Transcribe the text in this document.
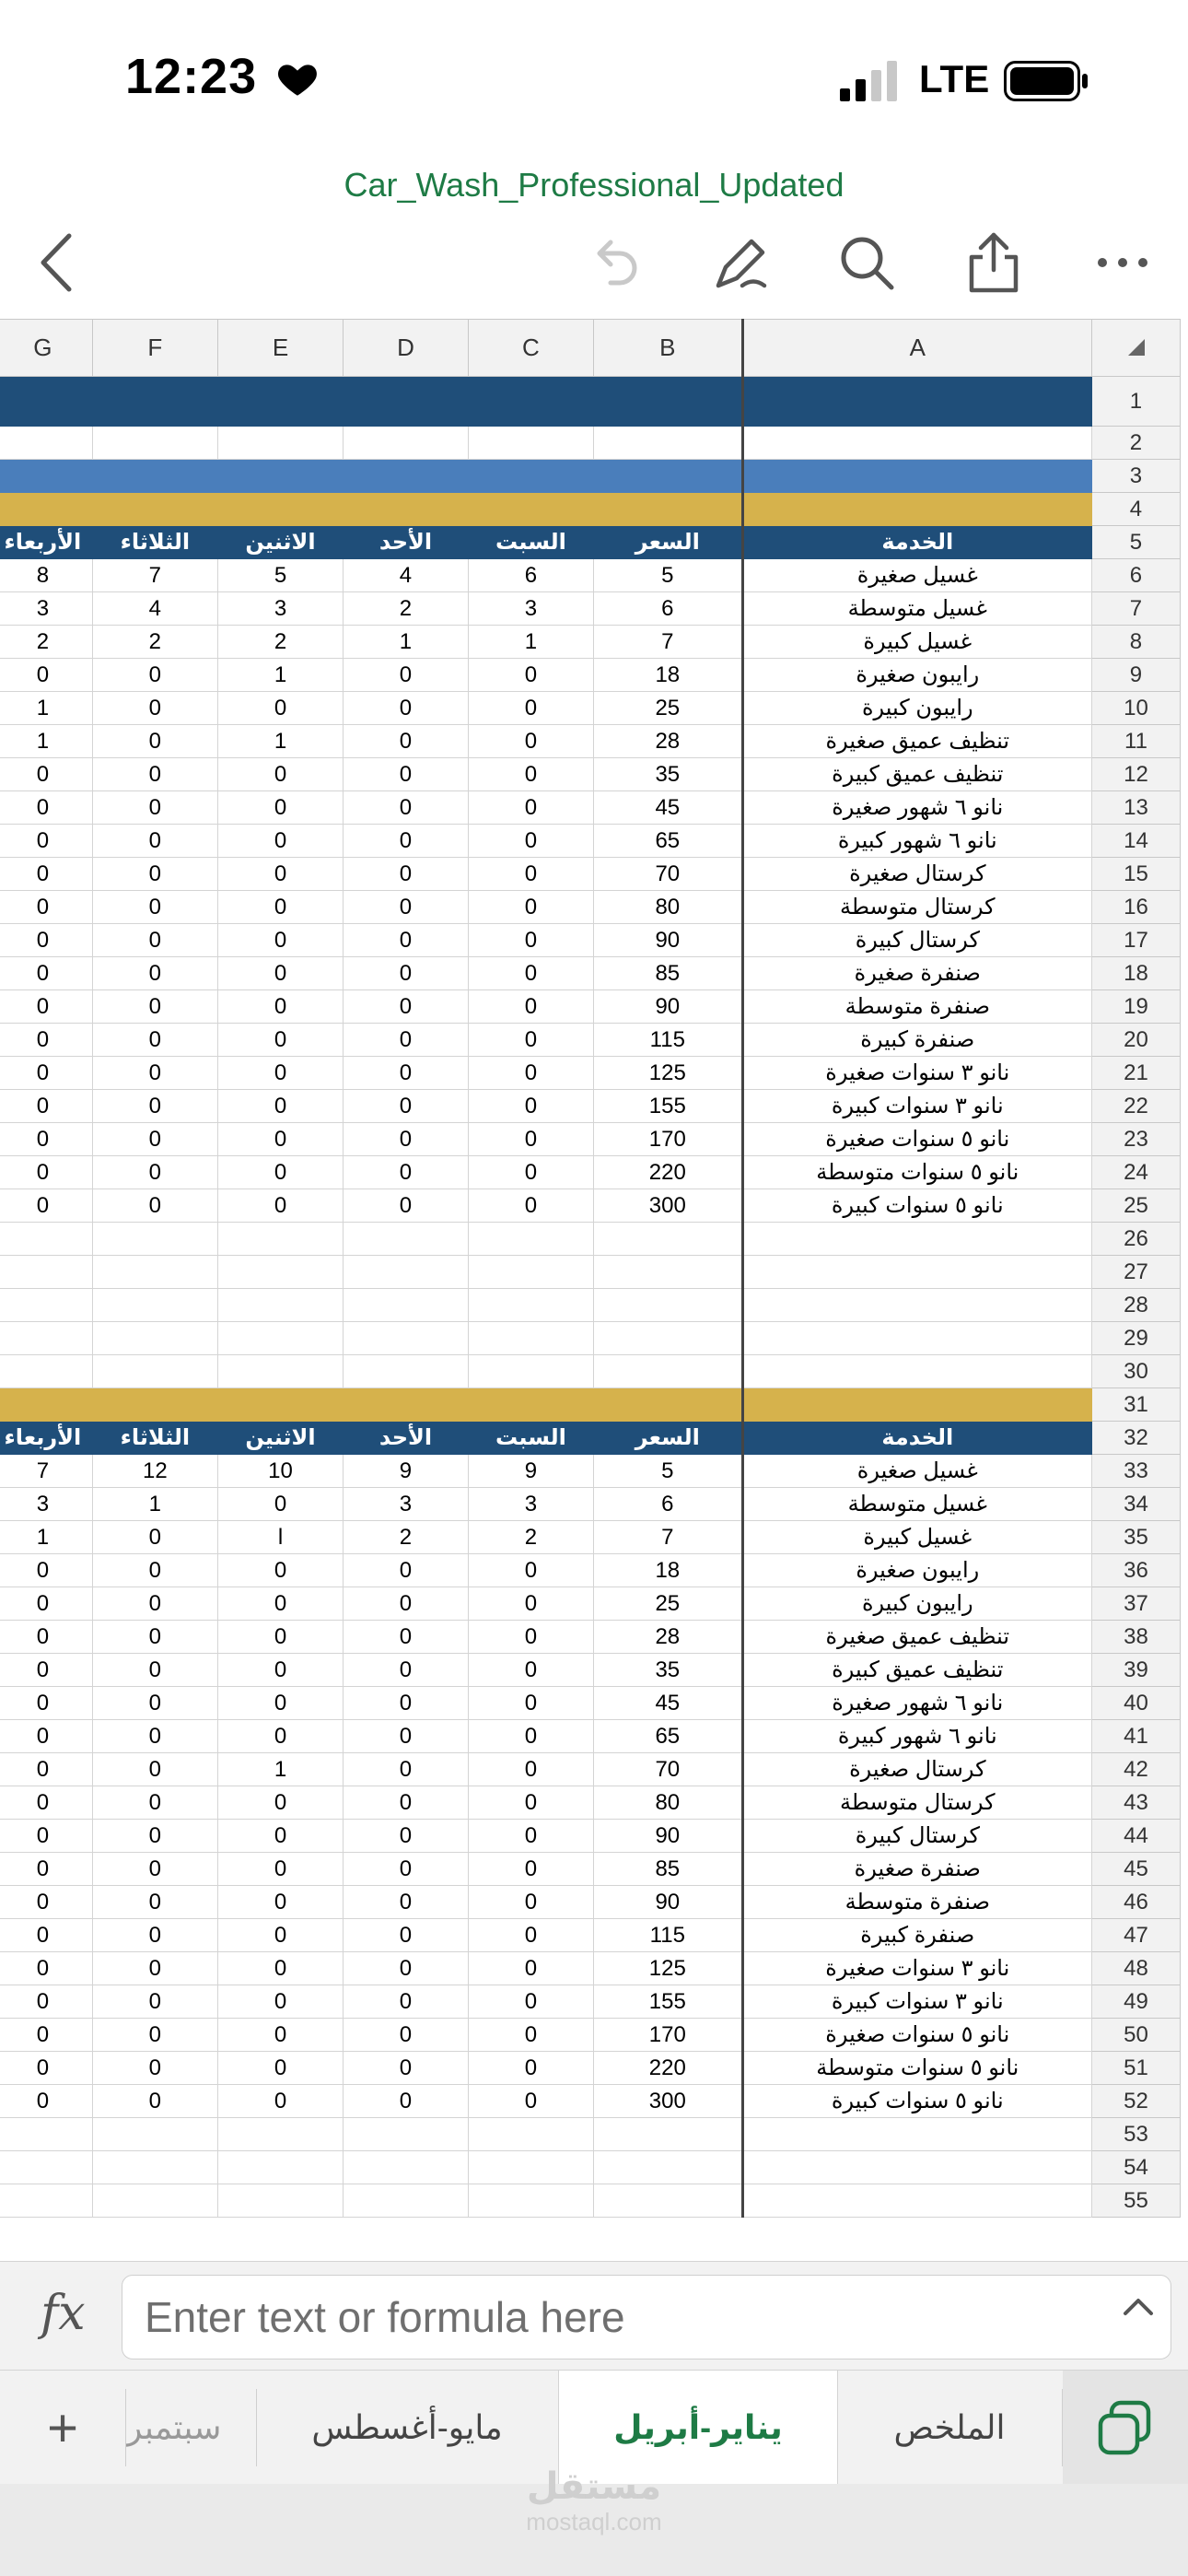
12:23	LTE
Car_Wash_Professional_Updated
G	F	E	D	C	B	A	
							1
							2
							3
							4
الأربعاء	الثلاثاء	الاثنين	الأحد	السبت	السعر	الخدمة	5
8	7	5	4	6	5	غسيل صغيرة	6
3	4	3	2	3	6	غسيل متوسطة	7
2	2	2	1	1	7	غسيل كبيرة	8
0	0	1	0	0	18	رايبون صغيرة	9
1	0	0	0	0	25	رايبون كبيرة	10
1	0	1	0	0	28	تنظيف عميق صغيرة	11
0	0	0	0	0	35	تنظيف عميق كبيرة	12
0	0	0	0	0	45	نانو ٦ شهور صغيرة	13
0	0	0	0	0	65	نانو ٦ شهور كبيرة	14
0	0	0	0	0	70	كرستال صغيرة	15
0	0	0	0	0	80	كرستال متوسطة	16
0	0	0	0	0	90	كرستال كبيرة	17
0	0	0	0	0	85	صنفرة صغيرة	18
0	0	0	0	0	90	صنفرة متوسطة	19
0	0	0	0	0	115	صنفرة كبيرة	20
0	0	0	0	0	125	نانو ٣ سنوات صغيرة	21
0	0	0	0	0	155	نانو ٣ سنوات كبيرة	22
0	0	0	0	0	170	نانو ٥ سنوات صغيرة	23
0	0	0	0	0	220	نانو ٥ سنوات متوسطة	24
0	0	0	0	0	300	نانو ٥ سنوات كبيرة	25
							26
							27
							28
							29
							30
							31
الأربعاء	الثلاثاء	الاثنين	الأحد	السبت	السعر	الخدمة	32
7	12	10	9	9	5	غسيل صغيرة	33
3	1	0	3	3	6	غسيل متوسطة	34
1	0	l	2	2	7	غسيل كبيرة	35
0	0	0	0	0	18	رايبون صغيرة	36
0	0	0	0	0	25	رايبون كبيرة	37
0	0	0	0	0	28	تنظيف عميق صغيرة	38
0	0	0	0	0	35	تنظيف عميق كبيرة	39
0	0	0	0	0	45	نانو ٦ شهور صغيرة	40
0	0	0	0	0	65	نانو ٦ شهور كبيرة	41
0	0	1	0	0	70	كرستال صغيرة	42
0	0	0	0	0	80	كرستال متوسطة	43
0	0	0	0	0	90	كرستال كبيرة	44
0	0	0	0	0	85	صنفرة صغيرة	45
0	0	0	0	0	90	صنفرة متوسطة	46
0	0	0	0	0	115	صنفرة كبيرة	47
0	0	0	0	0	125	نانو ٣ سنوات صغيرة	48
0	0	0	0	0	155	نانو ٣ سنوات كبيرة	49
0	0	0	0	0	170	نانو ٥ سنوات صغيرة	50
0	0	0	0	0	220	نانو ٥ سنوات متوسطة	51
0	0	0	0	0	300	نانو ٥ سنوات كبيرة	52
							53
							54
							55
fx
Enter text or formula here
+	سبتمبر	مايو-أغسطس	يناير-أبريل	الملخص
مستقل
mostaql.com
